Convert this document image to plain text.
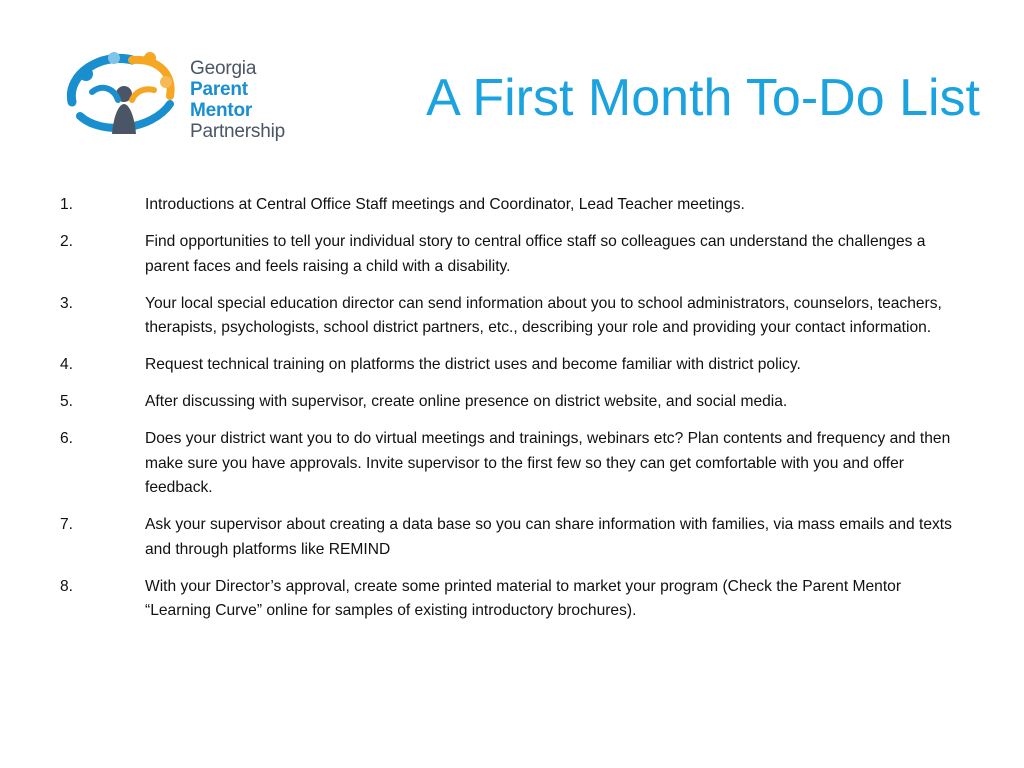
Georgia
Parent Mentor
Partnership
A First Month To-Do List
1.	Introductions at Central Office Staff meetings and Coordinator, Lead Teacher meetings.
2.	Find opportunities to tell your individual story to central office staff so colleagues can understand the challenges a parent faces and feels raising a child with a disability.
3.	Your local special education director can send information about you to school administrators, counselors, teachers, therapists, psychologists, school district partners, etc., describing your role and providing your contact information.
4.	Request technical training on platforms the district uses and become familiar with district policy.
5.	After discussing with supervisor, create online presence on district website, and social media.
6.	Does your district want you to do virtual meetings and trainings, webinars etc? Plan contents and frequency and then make sure you have approvals. Invite supervisor to the first few so they can get comfortable with you and offer feedback.
7.	Ask your supervisor about creating a data base so you can share information with families, via mass emails and texts and through platforms like REMIND
8.	With your Director’s approval, create some printed material to market your program (Check the Parent Mentor “Learning Curve” online for samples of existing introductory brochures).
